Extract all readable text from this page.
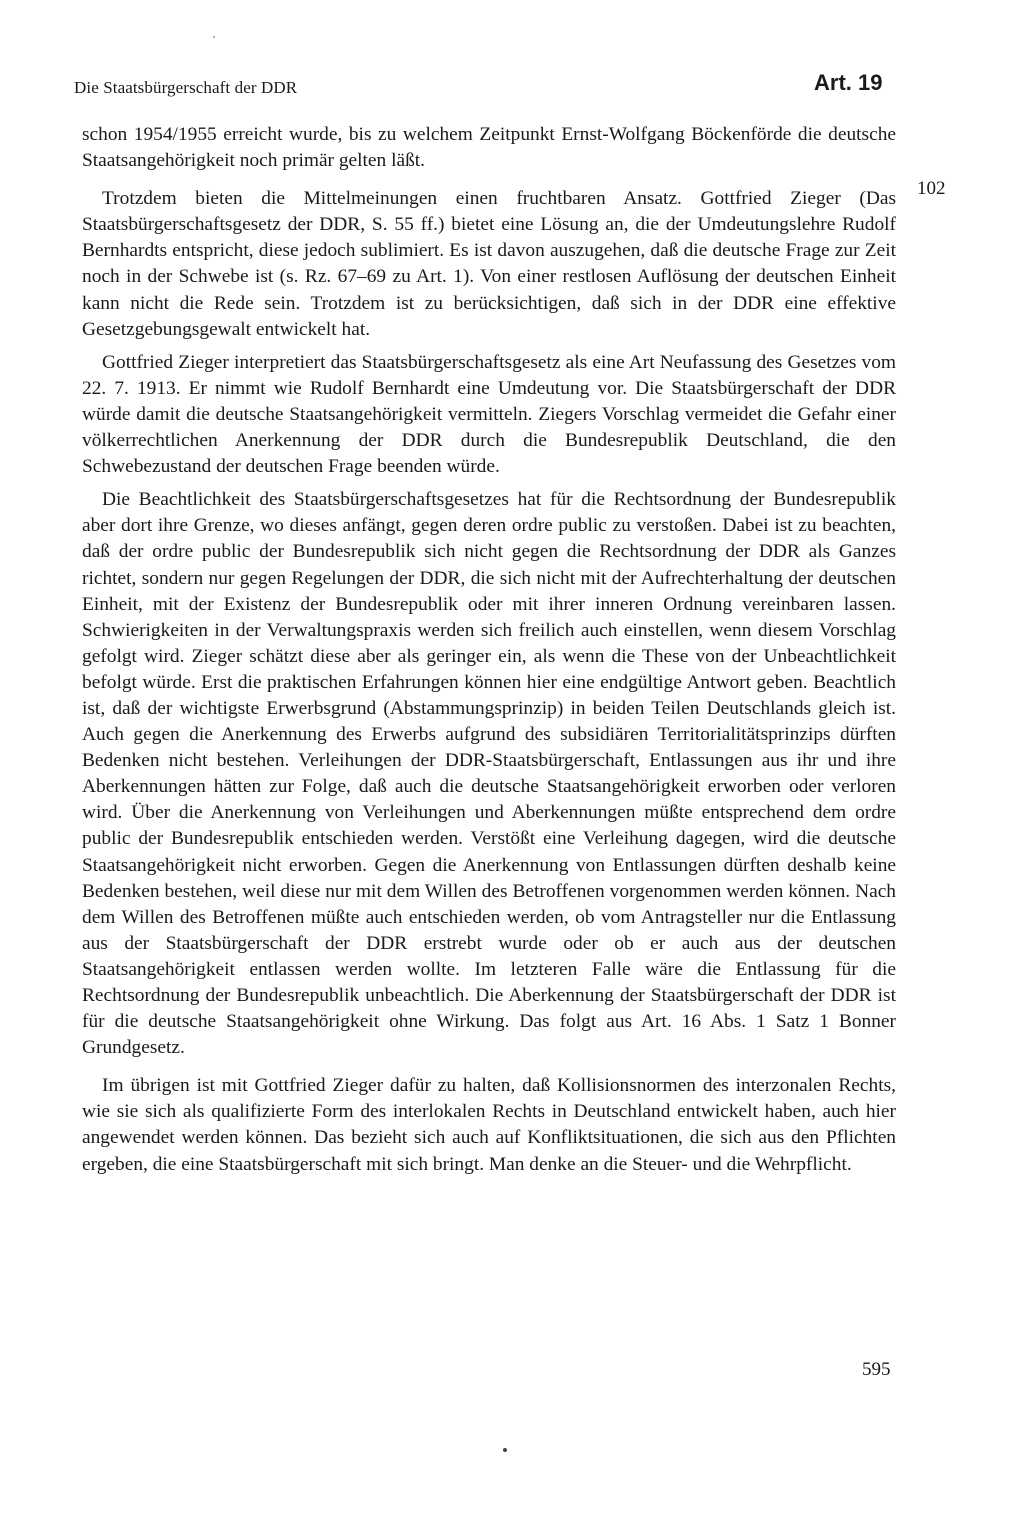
Die Staatsbürgerschaft der DDR	Art. 19
102

schon 1954/1955 erreicht wurde, bis zu welchem Zeitpunkt Ernst-Wolfgang Böckenförde die deutsche Staatsangehörigkeit noch primär gelten läßt.

Trotzdem bieten die Mittelmeinungen einen fruchtbaren Ansatz. Gottfried Zieger (Das Staatsbürgerschaftsgesetz der DDR, S. 55 ff.) bietet eine Lösung an, die der Umdeutungslehre Rudolf Bernhardts entspricht, diese jedoch sublimiert. Es ist davon auszugehen, daß die deutsche Frage zur Zeit noch in der Schwebe ist (s. Rz. 67–69 zu Art. 1). Von einer restlosen Auflösung der deutschen Einheit kann nicht die Rede sein. Trotzdem ist zu berücksichtigen, daß sich in der DDR eine effektive Gesetzgebungsgewalt entwickelt hat.

Gottfried Zieger interpretiert das Staatsbürgerschaftsgesetz als eine Art Neufassung des Gesetzes vom 22. 7. 1913. Er nimmt wie Rudolf Bernhardt eine Umdeutung vor. Die Staatsbürgerschaft der DDR würde damit die deutsche Staatsangehörigkeit vermitteln. Ziegers Vorschlag vermeidet die Gefahr einer völkerrechtlichen Anerkennung der DDR durch die Bundesrepublik Deutschland, die den Schwebezustand der deutschen Frage beenden würde.

Die Beachtlichkeit des Staatsbürgerschaftsgesetzes hat für die Rechtsordnung der Bundesrepublik aber dort ihre Grenze, wo dieses anfängt, gegen deren ordre public zu verstoßen. Dabei ist zu beachten, daß der ordre public der Bundesrepublik sich nicht gegen die Rechtsordnung der DDR als Ganzes richtet, sondern nur gegen Regelungen der DDR, die sich nicht mit der Aufrechterhaltung der deutschen Einheit, mit der Existenz der Bundesrepublik oder mit ihrer inneren Ordnung vereinbaren lassen. Schwierigkeiten in der Verwaltungspraxis werden sich freilich auch einstellen, wenn diesem Vorschlag gefolgt wird. Zieger schätzt diese aber als geringer ein, als wenn die These von der Unbeachtlichkeit befolgt würde. Erst die praktischen Erfahrungen können hier eine endgültige Antwort geben. Beachtlich ist, daß der wichtigste Erwerbsgrund (Abstammungsprinzip) in beiden Teilen Deutschlands gleich ist. Auch gegen die Anerkennung des Erwerbs aufgrund des subsidiären Territorialitätsprinzips dürften Bedenken nicht bestehen. Verleihungen der DDR-Staatsbürgerschaft, Entlassungen aus ihr und ihre Aberkennungen hätten zur Folge, daß auch die deutsche Staatsangehörigkeit erworben oder verloren wird. Über die Anerkennung von Verleihungen und Aberkennungen müßte entsprechend dem ordre public der Bundesrepublik entschieden werden. Verstößt eine Verleihung dagegen, wird die deutsche Staatsangehörigkeit nicht erworben. Gegen die Anerkennung von Entlassungen dürften deshalb keine Bedenken bestehen, weil diese nur mit dem Willen des Betroffenen vorgenommen werden können. Nach dem Willen des Betroffenen müßte auch entschieden werden, ob vom Antragsteller nur die Entlassung aus der Staatsbürgerschaft der DDR erstrebt wurde oder ob er auch aus der deutschen Staatsangehörigkeit entlassen werden wollte. Im letzteren Falle wäre die Entlassung für die Rechtsordnung der Bundesrepublik unbeachtlich. Die Aberkennung der Staatsbürgerschaft der DDR ist für die deutsche Staatsangehörigkeit ohne Wirkung. Das folgt aus Art. 16 Abs. 1 Satz 1 Bonner Grundgesetz.

Im übrigen ist mit Gottfried Zieger dafür zu halten, daß Kollisionsnormen des interzonalen Rechts, wie sie sich als qualifizierte Form des interlokalen Rechts in Deutschland entwickelt haben, auch hier angewendet werden können. Das bezieht sich auch auf Konfliktsituationen, die sich aus den Pflichten ergeben, die eine Staatsbürgerschaft mit sich bringt. Man denke an die Steuer- und die Wehrpflicht.

595
